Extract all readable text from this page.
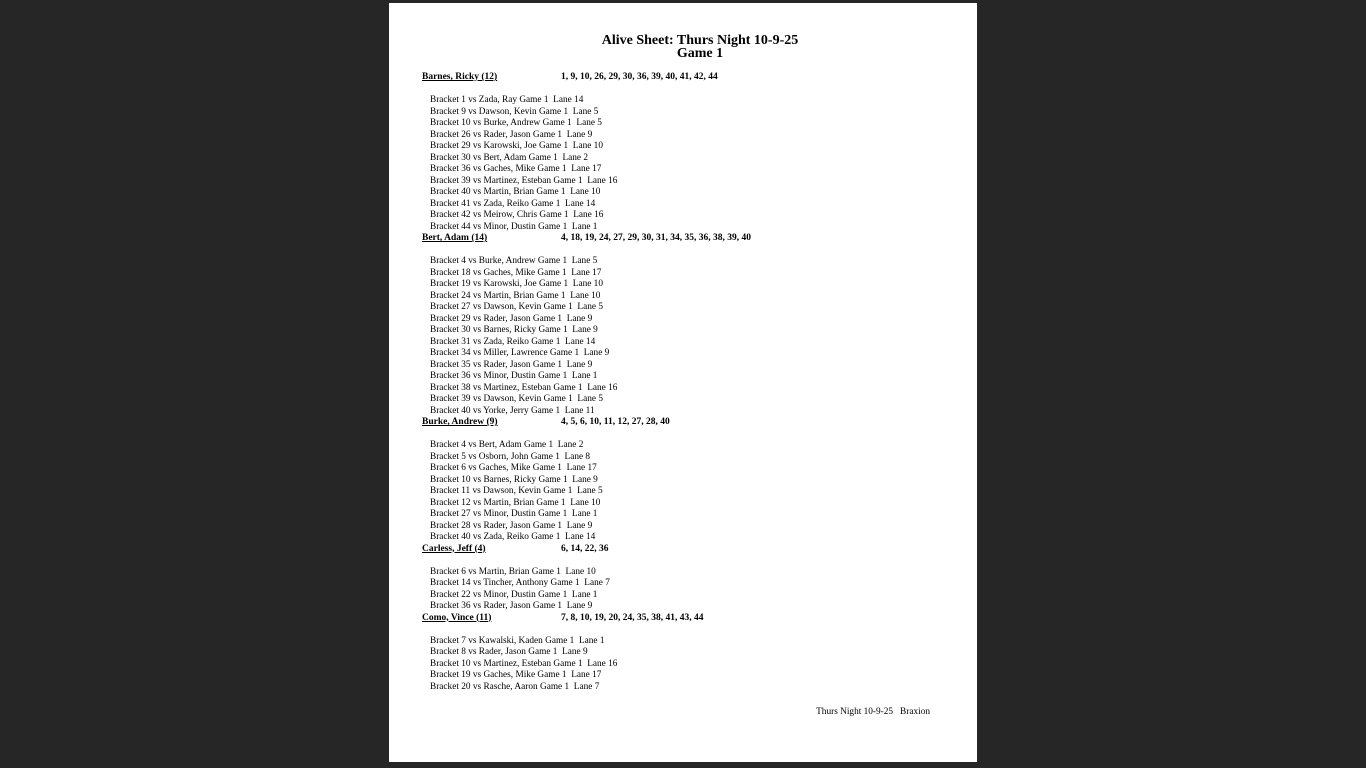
Alive Sheet: Thurs Night 10-9-25
Game 1
Barnes, Ricky (12)	1, 9, 10, 26, 29, 30, 36, 39, 40, 41, 42, 44
Bracket 1 vs Zada, Ray Game 1  Lane 14
Bracket 9 vs Dawson, Kevin Game 1  Lane 5
Bracket 10 vs Burke, Andrew Game 1  Lane 5
Bracket 26 vs Rader, Jason Game 1  Lane 9
Bracket 29 vs Karowski, Joe Game 1  Lane 10
Bracket 30 vs Bert, Adam Game 1  Lane 2
Bracket 36 vs Gaches, Mike Game 1  Lane 17
Bracket 39 vs Martinez, Esteban Game 1  Lane 16
Bracket 40 vs Martin, Brian Game 1  Lane 10
Bracket 41 vs Zada, Reiko Game 1  Lane 14
Bracket 42 vs Meirow, Chris Game 1  Lane 16
Bracket 44 vs Minor, Dustin Game 1  Lane 1
Bert, Adam (14)	4, 18, 19, 24, 27, 29, 30, 31, 34, 35, 36, 38, 39, 40
Bracket 4 vs Burke, Andrew Game 1  Lane 5
Bracket 18 vs Gaches, Mike Game 1  Lane 17
Bracket 19 vs Karowski, Joe Game 1  Lane 10
Bracket 24 vs Martin, Brian Game 1  Lane 10
Bracket 27 vs Dawson, Kevin Game 1  Lane 5
Bracket 29 vs Rader, Jason Game 1  Lane 9
Bracket 30 vs Barnes, Ricky Game 1  Lane 9
Bracket 31 vs Zada, Reiko Game 1  Lane 14
Bracket 34 vs Miller, Lawrence Game 1  Lane 9
Bracket 35 vs Rader, Jason Game 1  Lane 9
Bracket 36 vs Minor, Dustin Game 1  Lane 1
Bracket 38 vs Martinez, Esteban Game 1  Lane 16
Bracket 39 vs Dawson, Kevin Game 1  Lane 5
Bracket 40 vs Yorke, Jerry Game 1  Lane 11
Burke, Andrew (9)	4, 5, 6, 10, 11, 12, 27, 28, 40
Bracket 4 vs Bert, Adam Game 1  Lane 2
Bracket 5 vs Osborn, John Game 1  Lane 8
Bracket 6 vs Gaches, Mike Game 1  Lane 17
Bracket 10 vs Barnes, Ricky Game 1  Lane 9
Bracket 11 vs Dawson, Kevin Game 1  Lane 5
Bracket 12 vs Martin, Brian Game 1  Lane 10
Bracket 27 vs Minor, Dustin Game 1  Lane 1
Bracket 28 vs Rader, Jason Game 1  Lane 9
Bracket 40 vs Zada, Reiko Game 1  Lane 14
Carless, Jeff (4)	6, 14, 22, 36
Bracket 6 vs Martin, Brian Game 1  Lane 10
Bracket 14 vs Tincher, Anthony Game 1  Lane 7
Bracket 22 vs Minor, Dustin Game 1  Lane 1
Bracket 36 vs Rader, Jason Game 1  Lane 9
Como, Vince (11)	7, 8, 10, 19, 20, 24, 35, 38, 41, 43, 44
Bracket 7 vs Kawalski, Kaden Game 1  Lane 1
Bracket 8 vs Rader, Jason Game 1  Lane 9
Bracket 10 vs Martinez, Esteban Game 1  Lane 16
Bracket 19 vs Gaches, Mike Game 1  Lane 17
Bracket 20 vs Rasche, Aaron Game 1  Lane 7
Thurs Night 10-9-25   Braxion
